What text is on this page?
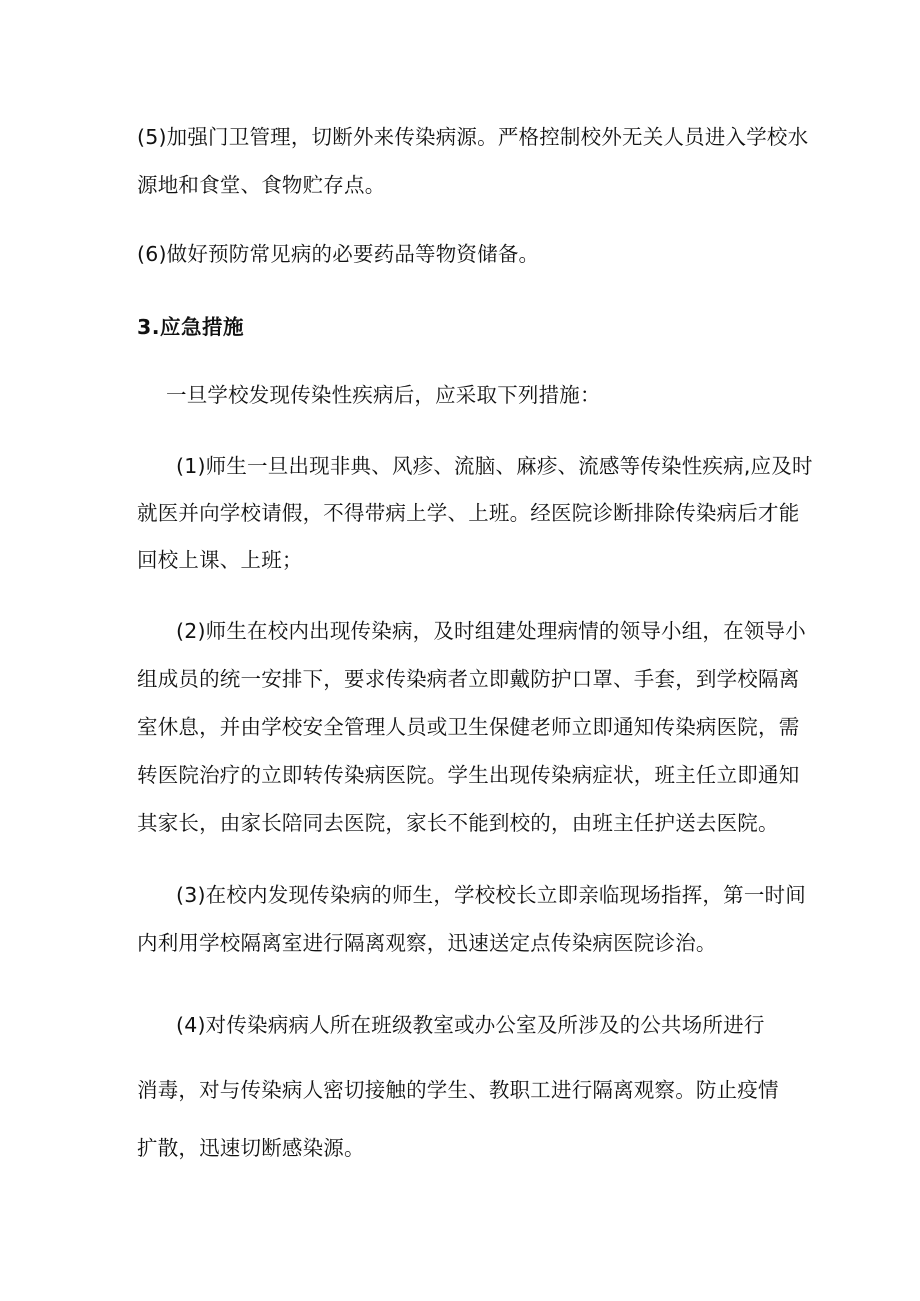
(5)加强门卫管理，切断外来传染病源。严格控制校外无关人员进入学校水
源地和食堂、食物贮存点。
(6)做好预防常见病的必要药品等物资储备。
3.应急措施
一旦学校发现传染性疾病后，应采取下列措施：
(1)师生一旦出现非典、风疹、流脑、麻疹、流感等传染性疾病,应及时
就医并向学校请假，不得带病上学、上班。经医院诊断排除传染病后才能
回校上课、上班；
(2)师生在校内出现传染病，及时组建处理病情的领导小组，在领导小
组成员的统一安排下，要求传染病者立即戴防护口罩、手套，到学校隔离
室休息，并由学校安全管理人员或卫生保健老师立即通知传染病医院，需
转医院治疗的立即转传染病医院。学生出现传染病症状，班主任立即通知
其家长，由家长陪同去医院，家长不能到校的，由班主任护送去医院。
(3)在校内发现传染病的师生，学校校长立即亲临现场指挥，第一时间
内利用学校隔离室进行隔离观察，迅速送定点传染病医院诊治。
(4)对传染病病人所在班级教室或办公室及所涉及的公共场所进行
消毒，对与传染病人密切接触的学生、教职工进行隔离观察。防止疫情
扩散，迅速切断感染源。
